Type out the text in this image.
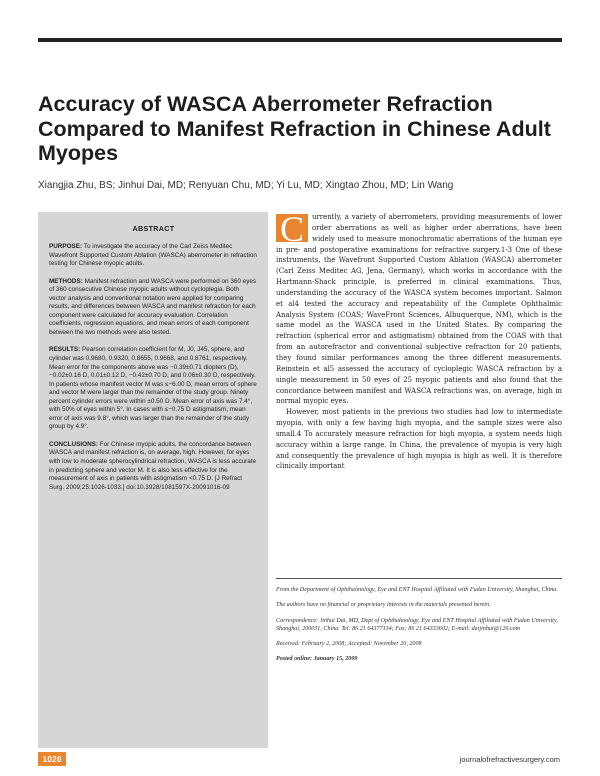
Accuracy of WASCA Aberrometer Refraction Compared to Manifest Refraction in Chinese Adult Myopes
Xiangjia Zhu, BS; Jinhui Dai, MD; Renyuan Chu, MD; Yi Lu, MD; Xingtao Zhou, MD; Lin Wang
ABSTRACT

PURPOSE: To investigate the accuracy of the Carl Zeiss Meditec Wavefront Supported Custom Ablation (WASCA) aberrometer in refraction testing for Chinese myopic adults.

METHODS: Manifest refraction and WASCA were performed on 360 eyes of 360 consecutive Chinese myopic adults without cycloplegia. Both vector analysis and conventional notation were applied for comparing results, and differences between WASCA and manifest refraction for each component were calculated for accuracy evaluation. Correlation coefficients, regression equations, and mean errors of each component between the two methods were also tested.

RESULTS: Pearson correlation coefficient for M, J0, J45, sphere, and cylinder was 0.9680, 0.9320, 0.8655, 0.9668, and 0.8761, respectively. Mean error for the components above was −0.39±0.71 diopters (D), −0.02±0.16 D, 0.01±0.12 D, −0.42±0.70 D, and 0.06±0.30 D, respectively. In patients whose manifest vector M was ≤−6.00 D, mean errors of sphere and vector M were larger than the remainder of the study group. Ninety percent cylinder errors were within ±0.50 D. Mean error of axis was 7.4°, with 50% of eyes within 5°. In cases with ≤−0.75 D astigmatism, mean error of axis was 9.8°, which was larger than the remainder of the study group by 4.9°.

CONCLUSIONS: For Chinese myopic adults, the concordance between WASCA and manifest refraction is, on average, high. However, for eyes with low to moderate spherocylindrical refraction, WASCA is less accurate in predicting sphere and vector M. It is also less effective for the measurement of axis in patients with astigmatism <0.75 D. [J Refract Surg. 2009;25:1026-1033.] doi:10.3928/1081597X-20091016-09

C	urrently, a variety of aberrometers, providing measurements of lower order aberrations as well as higher order aberrations, have been widely used to measure monochromatic aberrations of the human eye in pre- and postoperative examinations for refractive surgery.1-3 One of these instruments, the Wavefront Supported Custom Ablation (WASCA) aberrometer (Carl Zeiss Meditec AG, Jena, Germany), which works in accordance with the Hartmann-Shack principle, is preferred in clinical examinations. Thus, understanding the accuracy of the WASCA system becomes important. Salmon et al4 tested the accuracy and repeatability of the Complete Ophthalmic Analysis System (COAS; WaveFront Sciences, Albuquerque, NM), which is the same model as the WASCA used in the United States. By comparing the refraction (spherical error and astigmatism) obtained from the COAS with that from an autorefractor and conventional subjective refraction for 20 patients, they found similar performances among the three different measurements. Reinstein et al5 assessed the accuracy of cycloplegic WASCA refraction by a single measurement in 50 eyes of 25 myopic patients and also found that the concordance between manifest and WASCA refractions was, on average, high in normal myopic eyes.

However, most patients in the previous two studies had low to intermediate myopia, with only a few having high myopia, and the sample sizes were also small.4 To accurately measure refraction for high myopia, a system needs high accuracy within a large range. In China, the prevalence of myopia is very high and consequently the prevalence of high myopia is high as well. It is therefore clinically important

From the Department of Ophthalmology, Eye and ENT Hospital Affiliated with Fudan University, Shanghai, China.

The authors have no financial or proprietary interests in the materials presented herein.

Correspondence: Jinhui Dai, MD, Dept of Ophthalmology, Eye and ENT Hospital Affiliated with Fudan University, Shanghai, 200031, China. Tel: 86 21 64377134; Fax: 86 21 64333602; E-mail: daijinhui@126.com

Received: February 2, 2008; Accepted: November 20, 2008

Posted online: January 15, 2009

1026	journalofrefractivesurgery.com
